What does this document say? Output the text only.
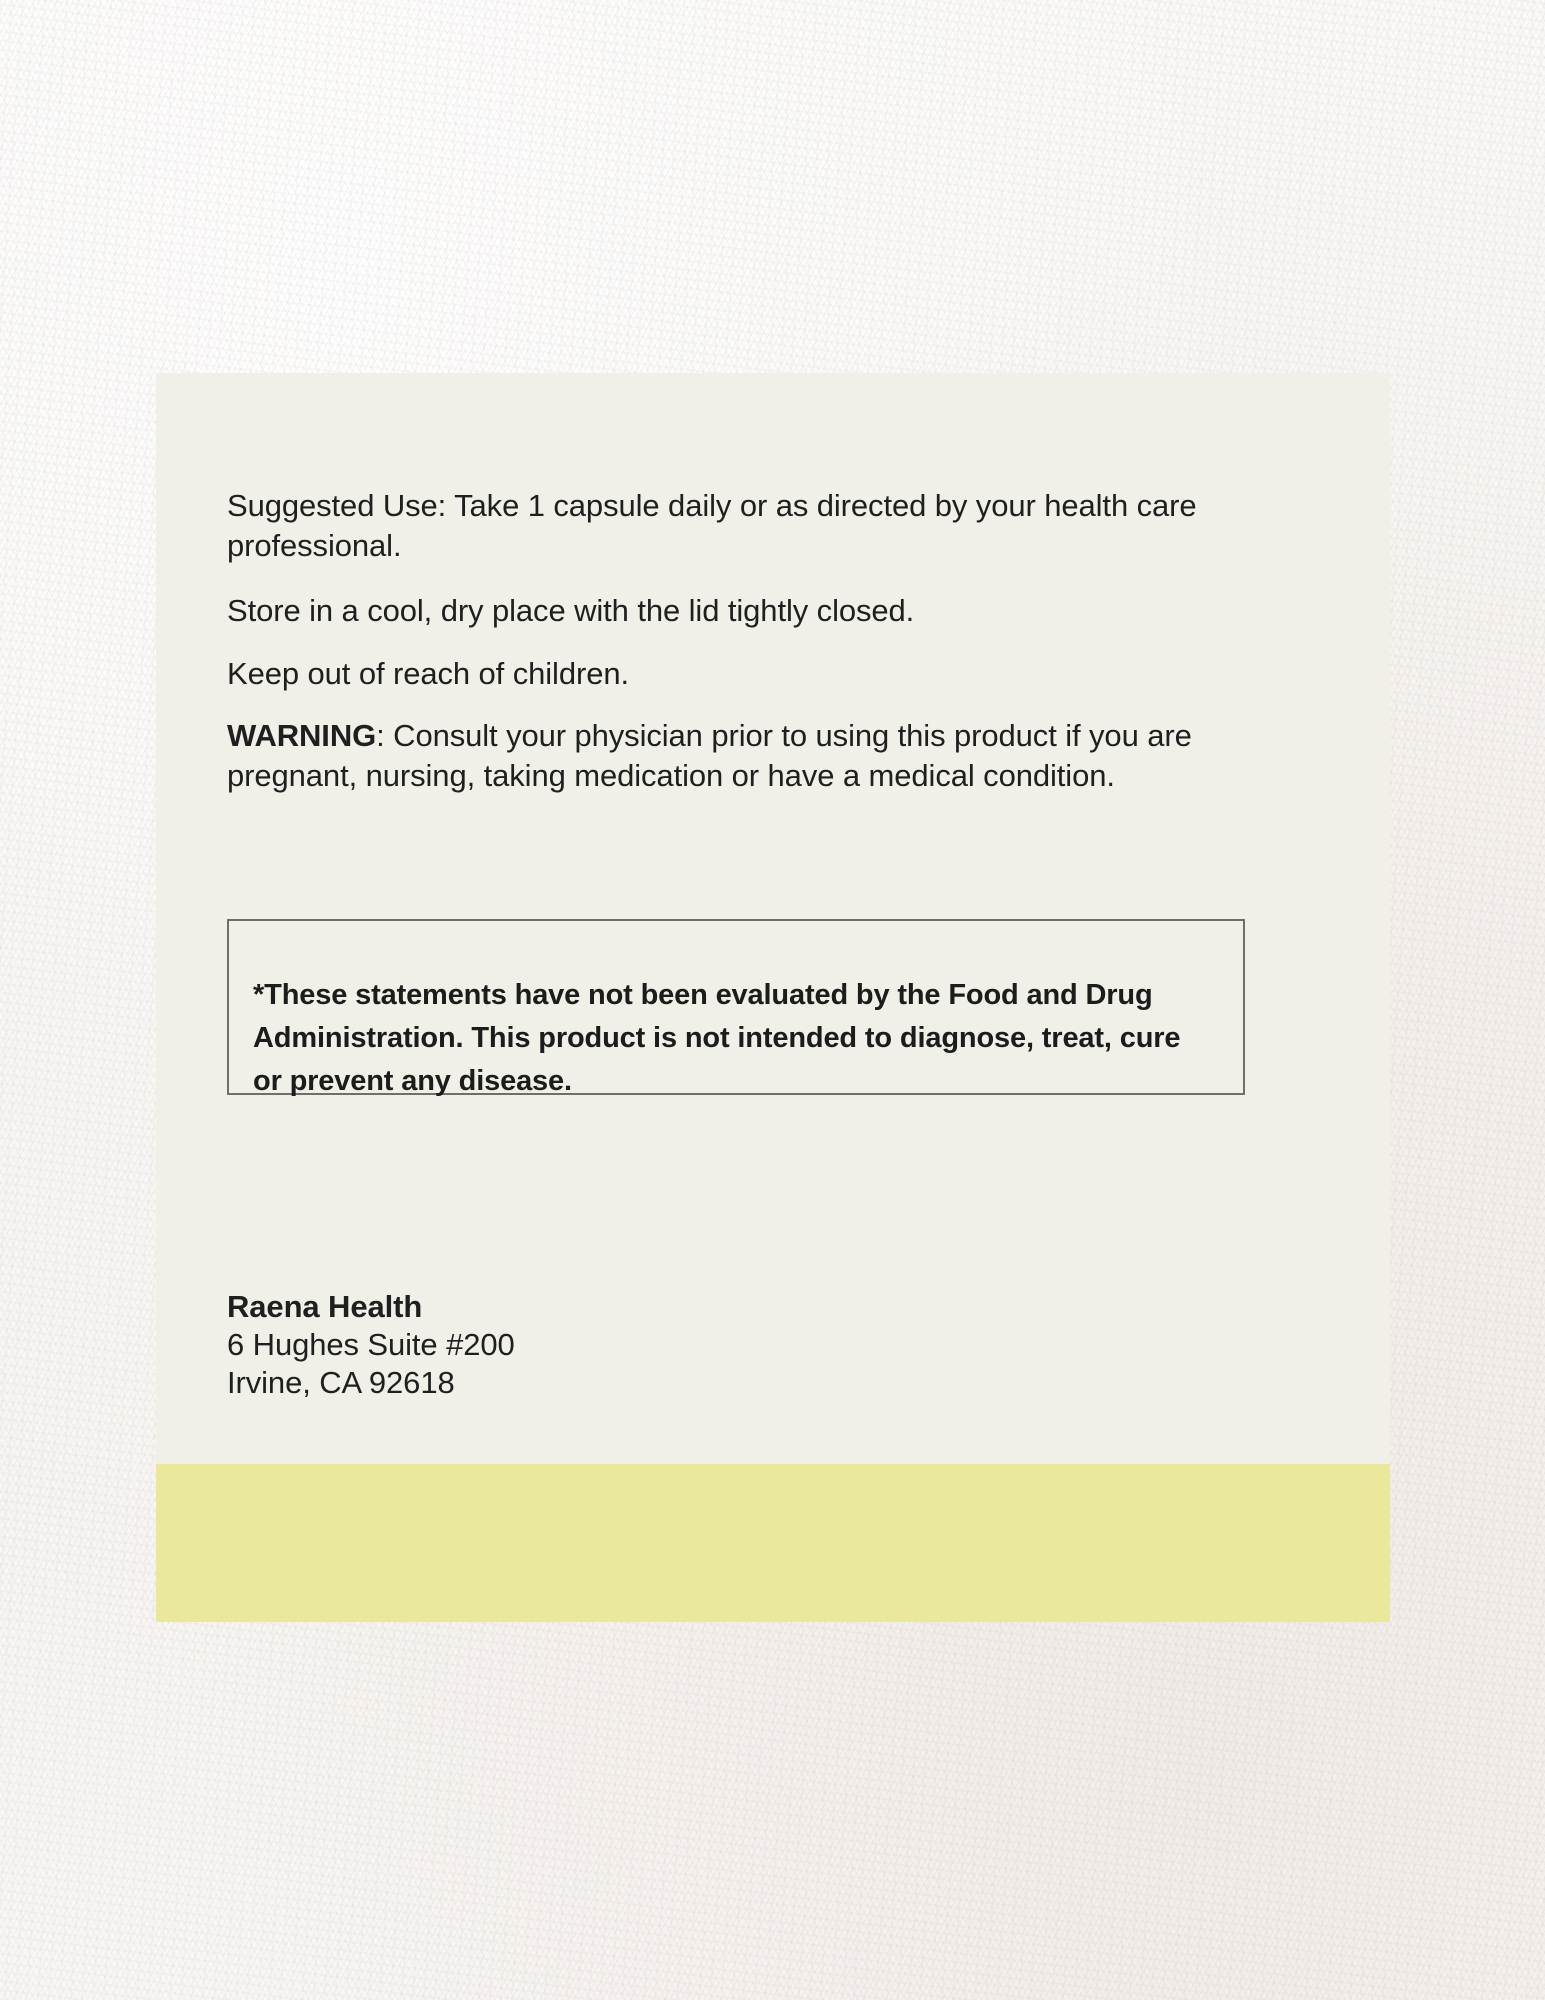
Suggested Use: Take 1 capsule daily or as directed by your health care professional.

Store in a cool, dry place with the lid tightly closed.

Keep out of reach of children.

WARNING: Consult your physician prior to using this product if you are pregnant, nursing, taking medication or have a medical condition.

*These statements have not been evaluated by the Food and Drug Administration. This product is not intended to diagnose, treat, cure or prevent any disease.

Raena Health
6 Hughes Suite #200
Irvine, CA 92618
